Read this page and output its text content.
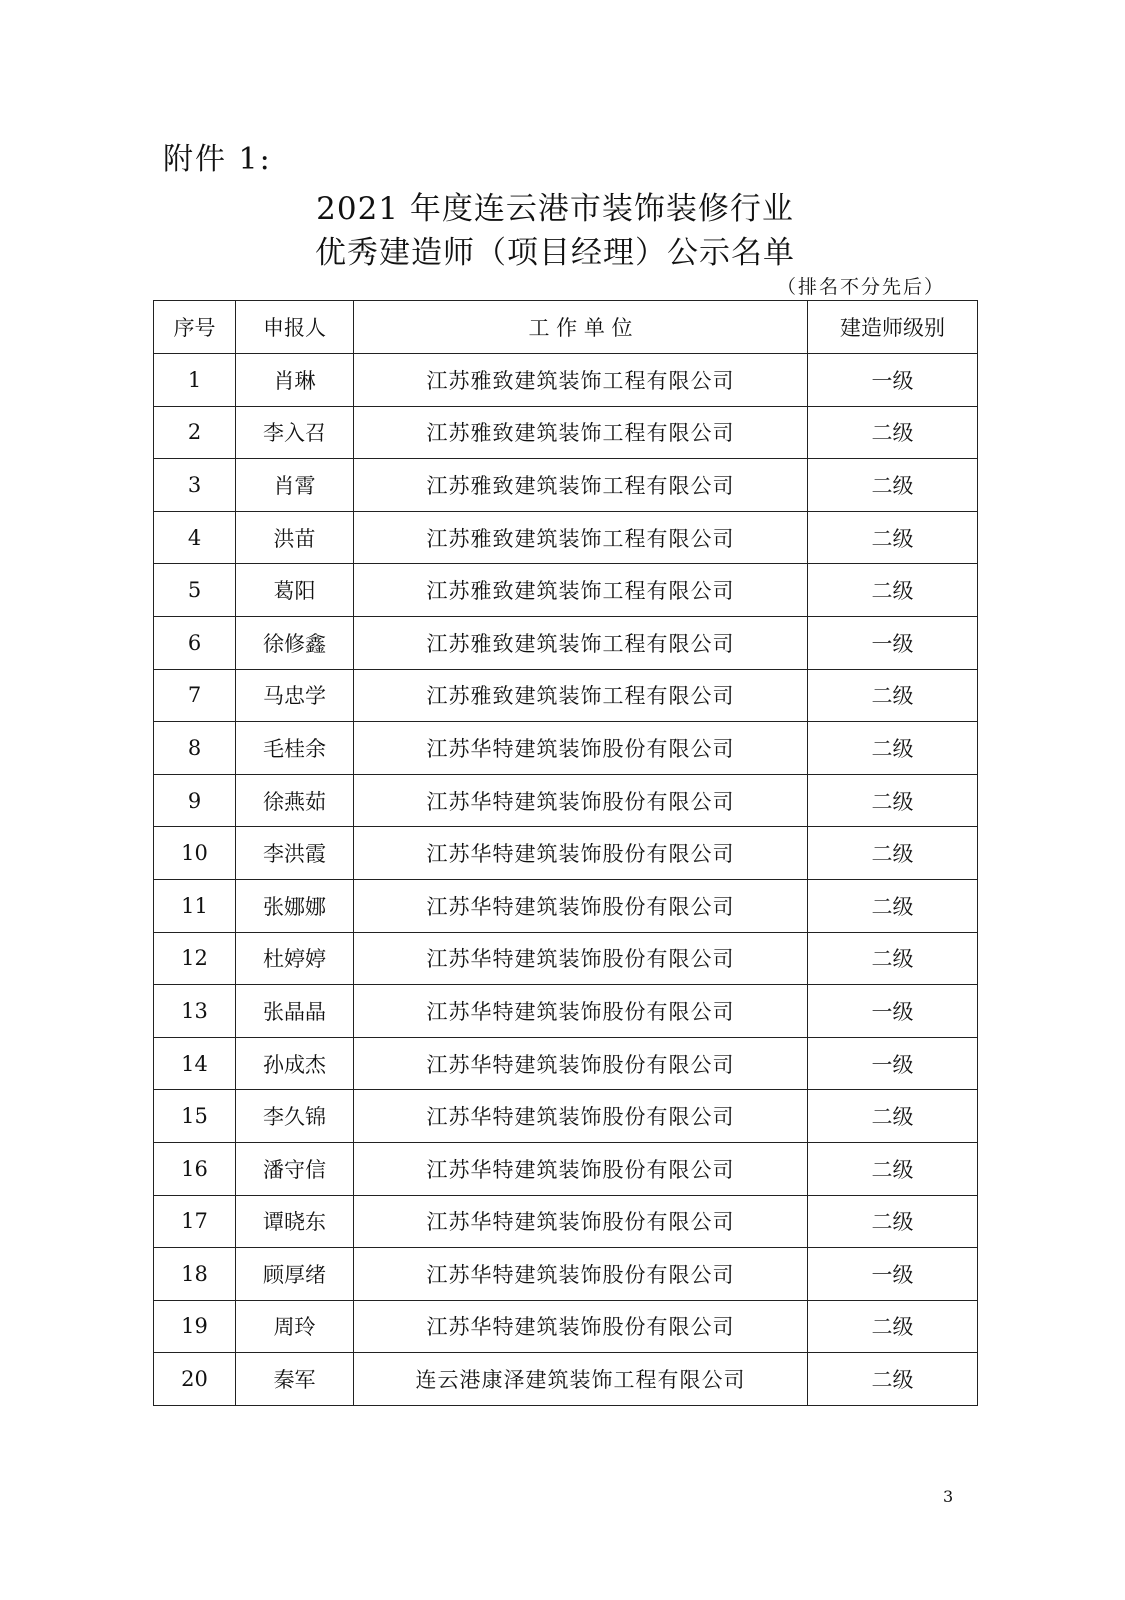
附件 1:
2021 年度连云港市装饰装修行业
优秀建造师（项目经理）公示名单
（排名不分先后）
序号	申报人	工 作 单 位	建造师级别
1	肖琳	江苏雅致建筑装饰工程有限公司	一级
2	李入召	江苏雅致建筑装饰工程有限公司	二级
3	肖霄	江苏雅致建筑装饰工程有限公司	二级
4	洪苗	江苏雅致建筑装饰工程有限公司	二级
5	葛阳	江苏雅致建筑装饰工程有限公司	二级
6	徐修鑫	江苏雅致建筑装饰工程有限公司	一级
7	马忠学	江苏雅致建筑装饰工程有限公司	二级
8	毛桂余	江苏华特建筑装饰股份有限公司	二级
9	徐燕茹	江苏华特建筑装饰股份有限公司	二级
10	李洪霞	江苏华特建筑装饰股份有限公司	二级
11	张娜娜	江苏华特建筑装饰股份有限公司	二级
12	杜婷婷	江苏华特建筑装饰股份有限公司	二级
13	张晶晶	江苏华特建筑装饰股份有限公司	一级
14	孙成杰	江苏华特建筑装饰股份有限公司	一级
15	李久锦	江苏华特建筑装饰股份有限公司	二级
16	潘守信	江苏华特建筑装饰股份有限公司	二级
17	谭晓东	江苏华特建筑装饰股份有限公司	二级
18	顾厚绪	江苏华特建筑装饰股份有限公司	一级
19	周玲	江苏华特建筑装饰股份有限公司	二级
20	秦军	连云港康泽建筑装饰工程有限公司	二级
3
